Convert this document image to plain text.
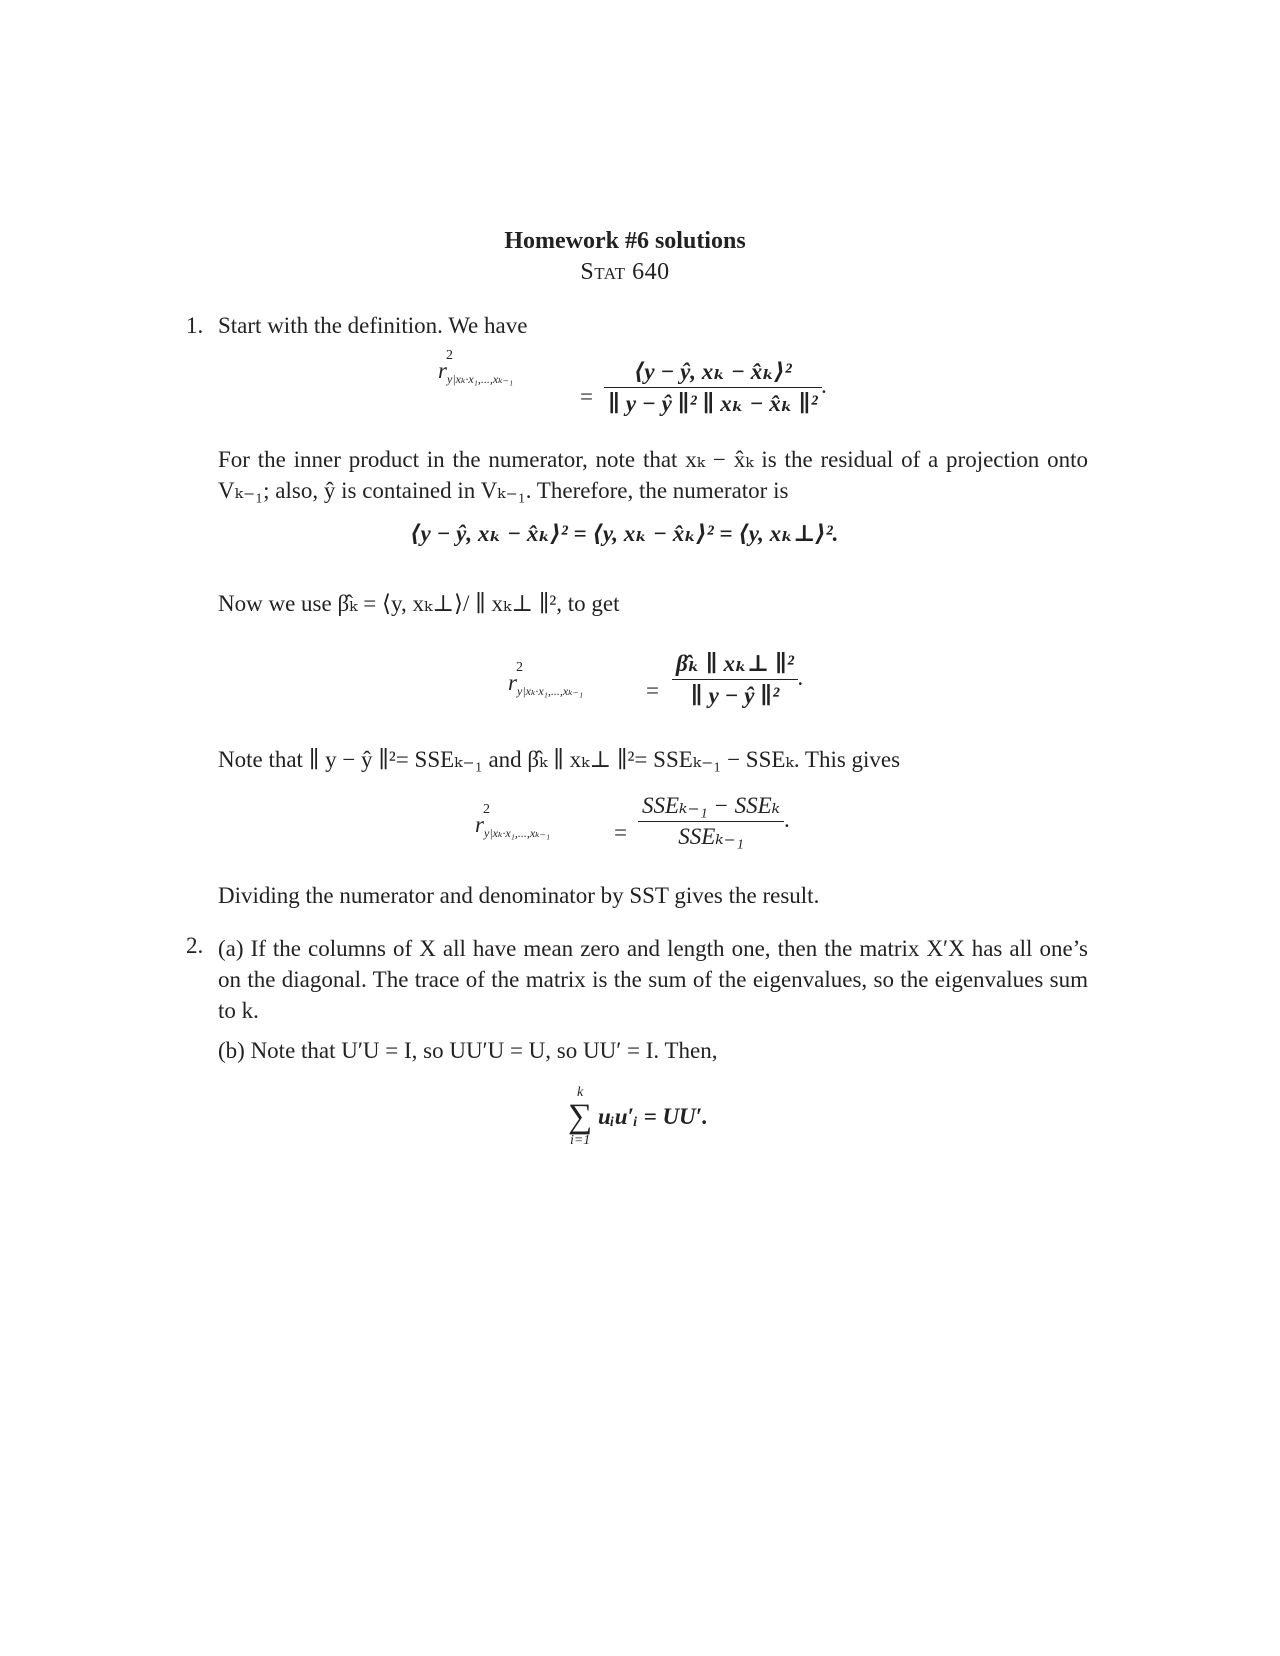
Homework #6 solutions
Stat 640
1. Start with the definition. We have
r
2
y|xₖ·x₁,...,xₖ₋₁
= $\frac{\text{⟨y − ŷ, xₖ − x̂ₖ⟩²}}{\text{∥ y − ŷ ∥² ∥ xₖ − x̂ₖ ∥²}}$ .
For the inner product in the numerator, note that xₖ − x̂ₖ is the residual of a projection onto Vₖ₋₁; also, ŷ is contained in Vₖ₋₁. Therefore, the numerator is
⟨y − ŷ, xₖ − x̂ₖ⟩² = ⟨y, xₖ − x̂ₖ⟩² = ⟨y, xₖ⊥⟩².
Now we use β̂ₖ = ⟨y, xₖ⊥⟩/ ∥ xₖ⊥ ∥², to get
r
2
y|xₖ·x₁,...,xₖ₋₁	= $\frac{\text{β̂ₖ ∥ xₖ⊥ ∥²}}{\text{∥ y − ŷ ∥²}}$ .
Note that ∥ y − ŷ ∥²= SSEₖ₋₁ and β̂ₖ ∥ xₖ⊥ ∥²= SSEₖ₋₁ − SSEₖ. This gives
r
2
y|xₖ·x₁,...,xₖ₋₁	= $\frac{\text{SSEₖ₋₁ − SSEₖ}}{\text{SSEₖ₋₁}}$ .
Dividing the numerator and denominator by SST gives the result.
2. (a) If the columns of X all have mean zero and length one, then the matrix X′X has all one’s on the diagonal. The trace of the matrix is the sum of the eigenvalues, so the eigenvalues sum to k.
(b) Note that U′U = I, so UU′U = U, so UU′ = I. Then,
k
∑
i=1
uᵢu′ᵢ = UU′.
